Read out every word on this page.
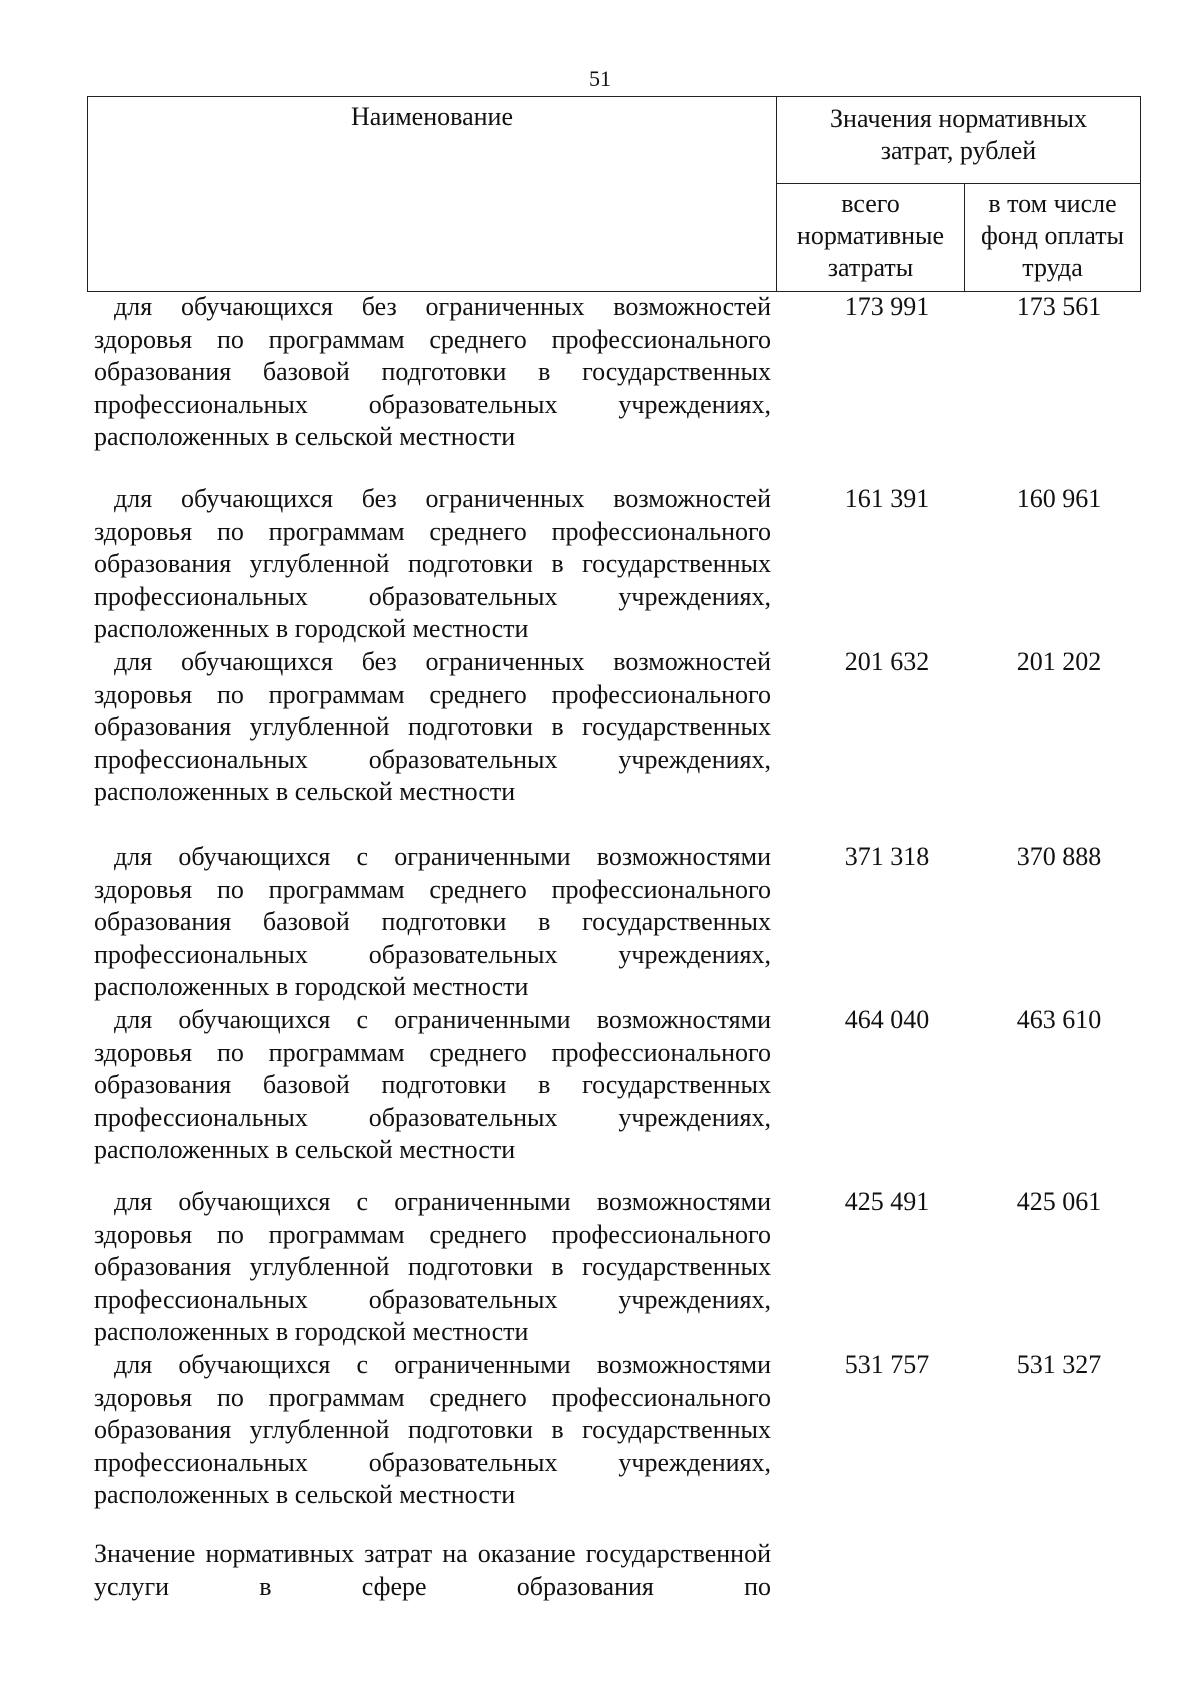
51
Наименование	Значения нормативных затрат, рублей	

	всего нормативные затраты	в том числе фонд оплаты труда
для обучающихся без ограниченных возможностей здоровья по программам среднего профессионального образования базовой подготовки в государственных профессиональных образовательных учреждениях, расположенных в сельской местности
173 991	173 561
для обучающихся без ограниченных возможностей здоровья по программам среднего профессионального образования углубленной подготовки в государственных профессиональных образовательных учреждениях, расположенных в городской местности
161 391	160 961
для обучающихся без ограниченных возможностей здоровья по программам среднего профессионального образования углубленной подготовки в государственных профессиональных образовательных учреждениях, расположенных в сельской местности
201 632	201 202
для обучающихся с ограниченными возможностями здоровья по программам среднего профессионального образования базовой подготовки в государственных профессиональных образовательных учреждениях, расположенных в городской местности
371 318	370 888
для обучающихся с ограниченными возможностями здоровья по программам среднего профессионального образования базовой подготовки в государственных профессиональных образовательных учреждениях, расположенных в сельской местности
464 040	463 610
для обучающихся с ограниченными возможностями здоровья по программам среднего профессионального образования углубленной подготовки в государственных профессиональных образовательных учреждениях, расположенных в городской местности
425 491	425 061
для обучающихся с ограниченными возможностями здоровья по программам среднего профессионального образования углубленной подготовки в государственных профессиональных образовательных учреждениях, расположенных в сельской местности
531 757	531 327
Значение нормативных затрат на оказание государственной услуги в сфере образования по
